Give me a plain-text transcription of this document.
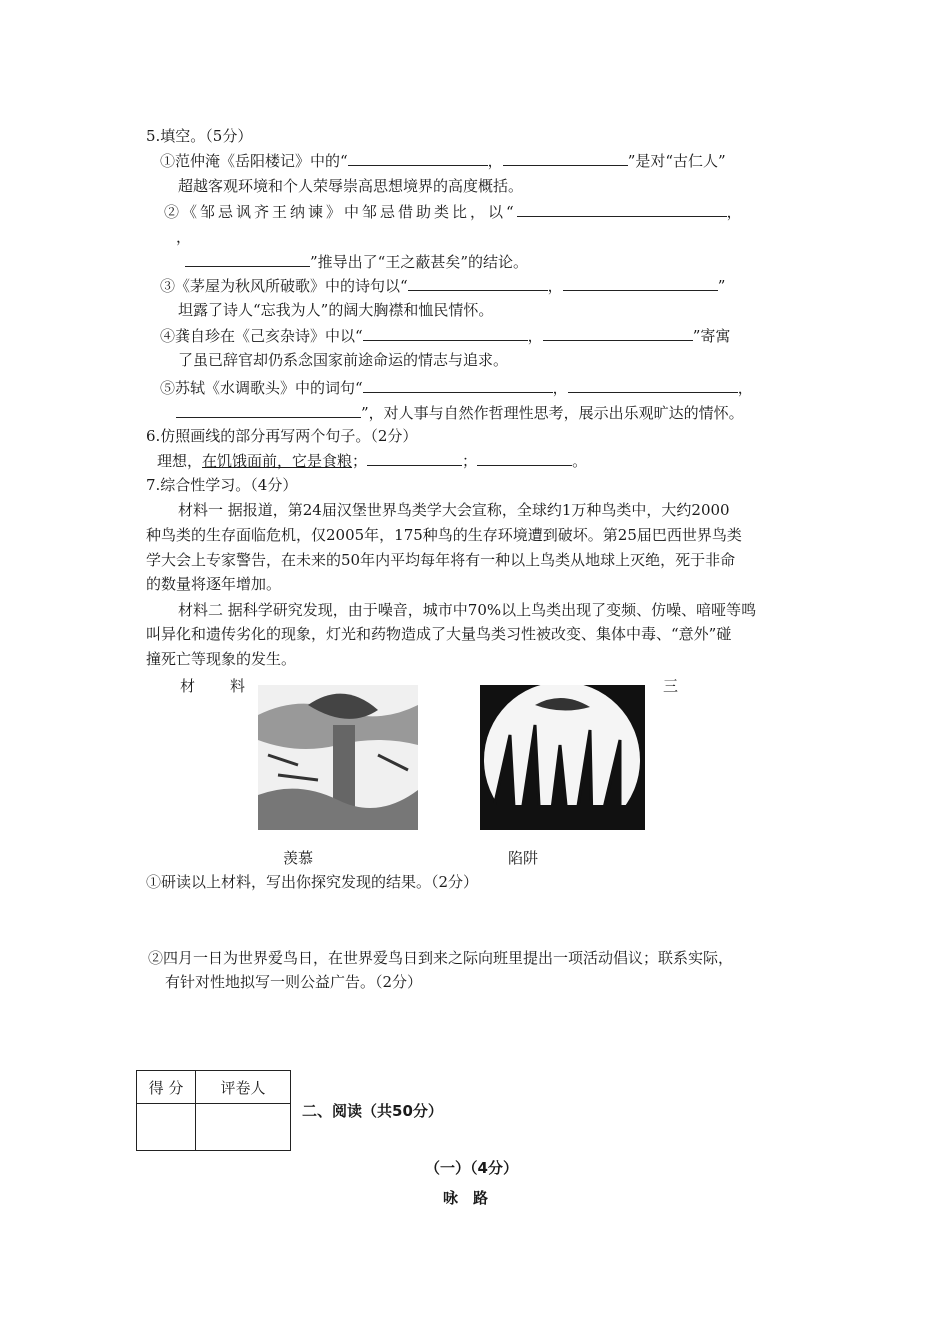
5.填空。（5分）
①范仲淹《岳阳楼记》中的“	，	”是对“古仁人”
超越客观环境和个人荣辱崇高思想境界的高度概括。
②《邹忌讽齐王纳谏》中邹忌借助类比，以“	，
，
”推导出了“王之蔽甚矣”的结论。
③《茅屋为秋风所破歌》中的诗句以“	，	”
坦露了诗人“忘我为人”的阔大胸襟和恤民情怀。
④龚自珍在《己亥杂诗》中以“	，	”寄寓
了虽已辞官却仍系念国家前途命运的情志与追求。
⑤苏轼《水调歌头》中的词句“	，	，
”，对人事与自然作哲理性思考，展示出乐观旷达的情怀。
6.仿照画线的部分再写两个句子。（2分）
理想，在饥饿面前，它是食粮；	；	。
7.综合性学习。（4分）
材料一 据报道，第24届汉堡世界鸟类学大会宣称，全球约1万种鸟类中，大约2000
种鸟类的生存面临危机，仅2005年，175种鸟的生存环境遭到破坏。第25届巴西世界鸟类
学大会上专家警告，在未来的50年内平均每年将有一种以上鸟类从地球上灭绝，死于非命
的数量将逐年增加。
材料二 据科学研究发现，由于噪音，城市中70%以上鸟类出现了变频、仿噪、喑哑等鸣
叫异化和遗传劣化的现象，灯光和药物造成了大量鸟类习性被改变、集体中毒、“意外”碰
撞死亡等现象的发生。
材 料	三
羡慕	陷阱
①研读以上材料，写出你探究发现的结果。（2分）
②四月一日为世界爱鸟日，在世界爱鸟日到来之际向班里提出一项活动倡议；联系实际，
有针对性地拟写一则公益广告。（2分）
得 分	评卷人

二、阅读（共50分）
（一）（4分）
咏　路
